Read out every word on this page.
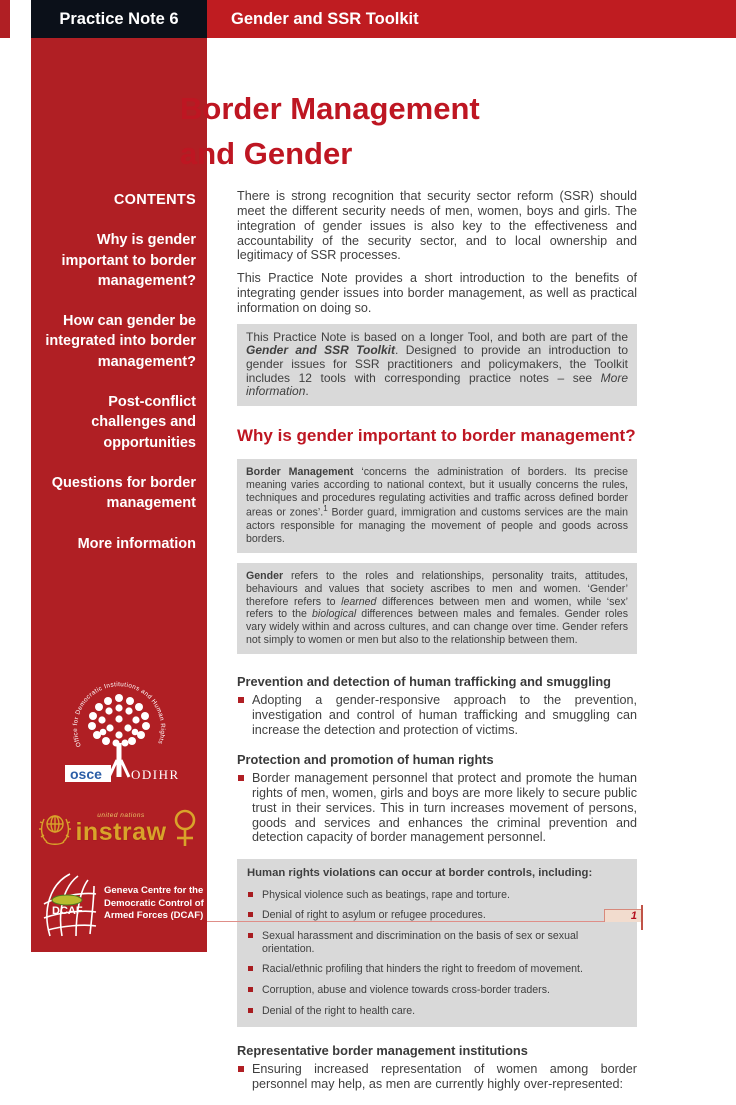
Practice Note 6	Gender and SSR Toolkit
Border Management
and Gender
CONTENTS
Why is gender important to border management?
How can gender be integrated into border management?
Post-conflict challenges and opportunities
Questions for border management
More information
Office for Democratic Institutions and Human Rights
osce ODIHR
united nations
instraw
DCAF
Geneva Centre for the
Democratic Control of
Armed Forces (DCAF)

There is strong recognition that security sector reform (SSR) should meet the different security needs of men, women, boys and girls. The integration of gender issues is also key to the effectiveness and accountability of the security sector, and to local ownership and legitimacy of SSR processes.

This Practice Note provides a short introduction to the benefits of integrating gender issues into border management, as well as practical information on doing so.

This Practice Note is based on a longer Tool, and both are part of the Gender and SSR Toolkit. Designed to provide an introduction to gender issues for SSR practitioners and policymakers, the Toolkit includes 12 tools with corresponding practice notes – see More information.
Why is gender important to border management?
Border Management ‘concerns the administration of borders. Its precise meaning varies according to national context, but it usually concerns the rules, techniques and procedures regulating activities and traffic across defined border areas or zones’.$^1$ Border guard, immigration and customs services are the main actors responsible for managing the movement of people and goods across borders.
Gender refers to the roles and relationships, personality traits, attitudes, behaviours and values that society ascribes to men and women. ‘Gender’ therefore refers to learned differences between men and women, while ‘sex’ refers to the biological differences between males and females. Gender roles vary widely within and across cultures, and can change over time. Gender refers not simply to women or men but also to the relationship between them.
Prevention and detection of human trafficking and smuggling
Adopting a gender-responsive approach to the prevention, investigation and control of human trafficking and smuggling can increase the detection and protection of victims.
Protection and promotion of human rights
Border management personnel that protect and promote the human rights of men, women, girls and boys are more likely to secure public trust in their services. This in turn increases movement of persons, goods and services and enhances the criminal prevention and detection capacity of border management personnel.
Human rights violations can occur at border controls, including:
Physical violence such as beatings, rape and torture.
Denial of right to asylum or refugee procedures.
Sexual harassment and discrimination on the basis of sex or sexual orientation.
Racial/ethnic profiling that hinders the right to freedom of movement.
Corruption, abuse and violence towards cross-border traders.
Denial of the right to health care.
Representative border management institutions
Ensuring increased representation of women among border personnel may help, as men are currently highly over-represented:
1
